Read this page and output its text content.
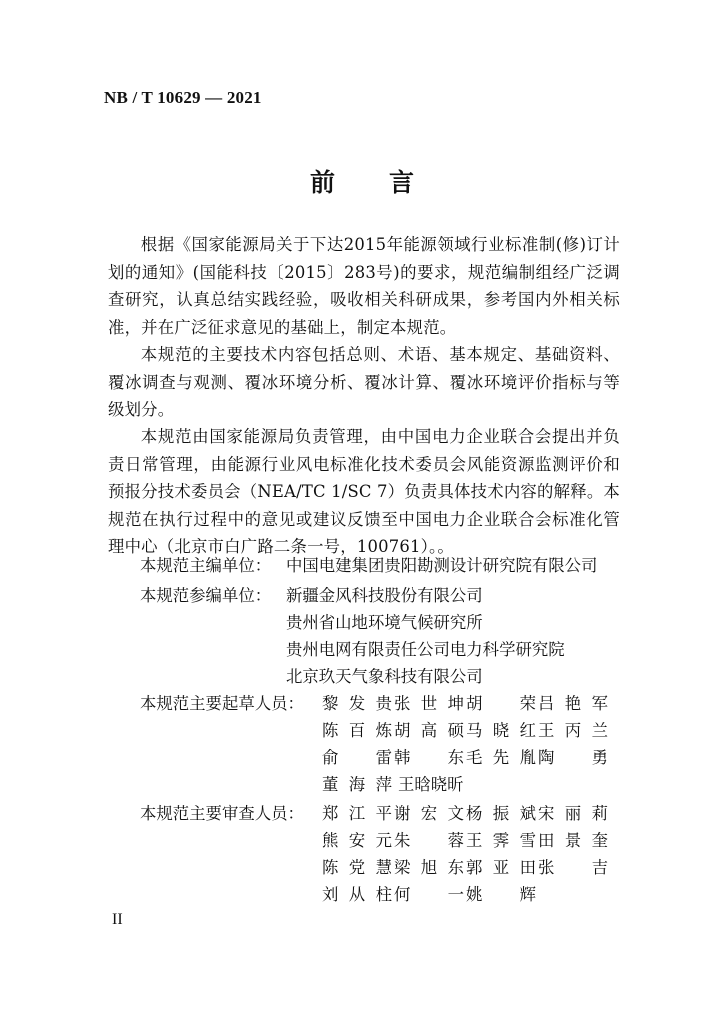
NB / T 10629 — 2021
前 言

根据《国家能源局关于下达2015年能源领域行业标准制(修)订计划的通知》(国能科技〔2015〕283号)的要求，规范编制组经广泛调查研究，认真总结实践经验，吸收相关科研成果，参考国内外相关标准，并在广泛征求意见的基础上，制定本规范。

本规范的主要技术内容包括总则、术语、基本规定、基础资料、覆冰调查与观测、覆冰环境分析、覆冰计算、覆冰环境评价指标与等级划分。

本规范由国家能源局负责管理，由中国电力企业联合会提出并负责日常管理，由能源行业风电标准化技术委员会风能资源监测评价和预报分技术委员会（NEA/TC 1/SC 7）负责具体技术内容的解释。本规范在执行过程中的意见或建议反馈至中国电力企业联合会标准化管理中心（北京市白广路二条一号，100761）。。

本规范主编单位： 中国电建集团贵阳勘测设计研究院有限公司
本规范参编单位： 新疆金风科技股份有限公司
贵州省山地环境气候研究所
贵州电网有限责任公司电力科学研究院
北京玖天气象科技有限公司
本规范主要起草人员： 黎发贵 张世坤 胡　荣 吕艳军
陈百炼 胡高硕 马晓红 王丙兰
俞　雷 韩　东 毛先胤 陶　勇
董海萍 王晗晓昕
本规范主要审查人员： 郑江平 谢宏文 杨振斌 宋丽莉
熊安元 朱　蓉 王霁雪 田景奎
陈党慧 梁旭东 郭亚田 张　吉
刘从柱 何　一 姚　辉
II
